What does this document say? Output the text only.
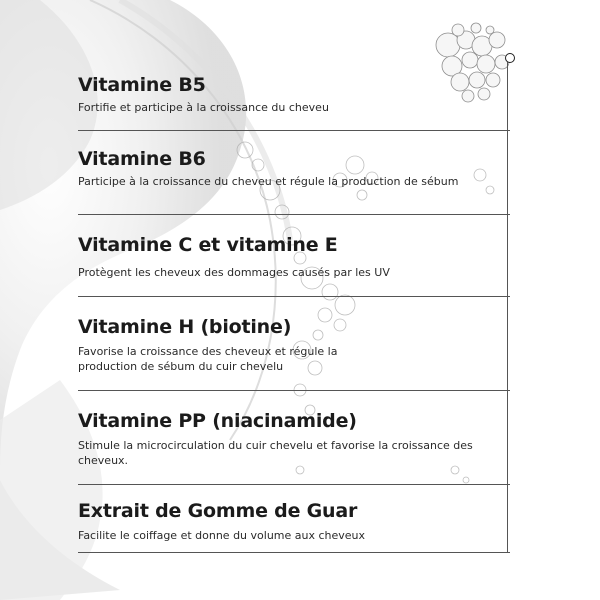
Vitamine B5
Fortifie et participe à la croissance du cheveu
Vitamine B6
Participe à la croissance du cheveu et régule la production de sébum
Vitamine C et vitamine E
Protègent les cheveux des dommages causés par les UV
Vitamine H (biotine)
Favorise la croissance des cheveux et régule la production de sébum du cuir chevelu
Vitamine PP (niacinamide)
Stimule la microcirculation du cuir chevelu et favorise la croissance des cheveux.
Extrait de Gomme de Guar
Facilite le coiffage et donne du volume aux cheveux
